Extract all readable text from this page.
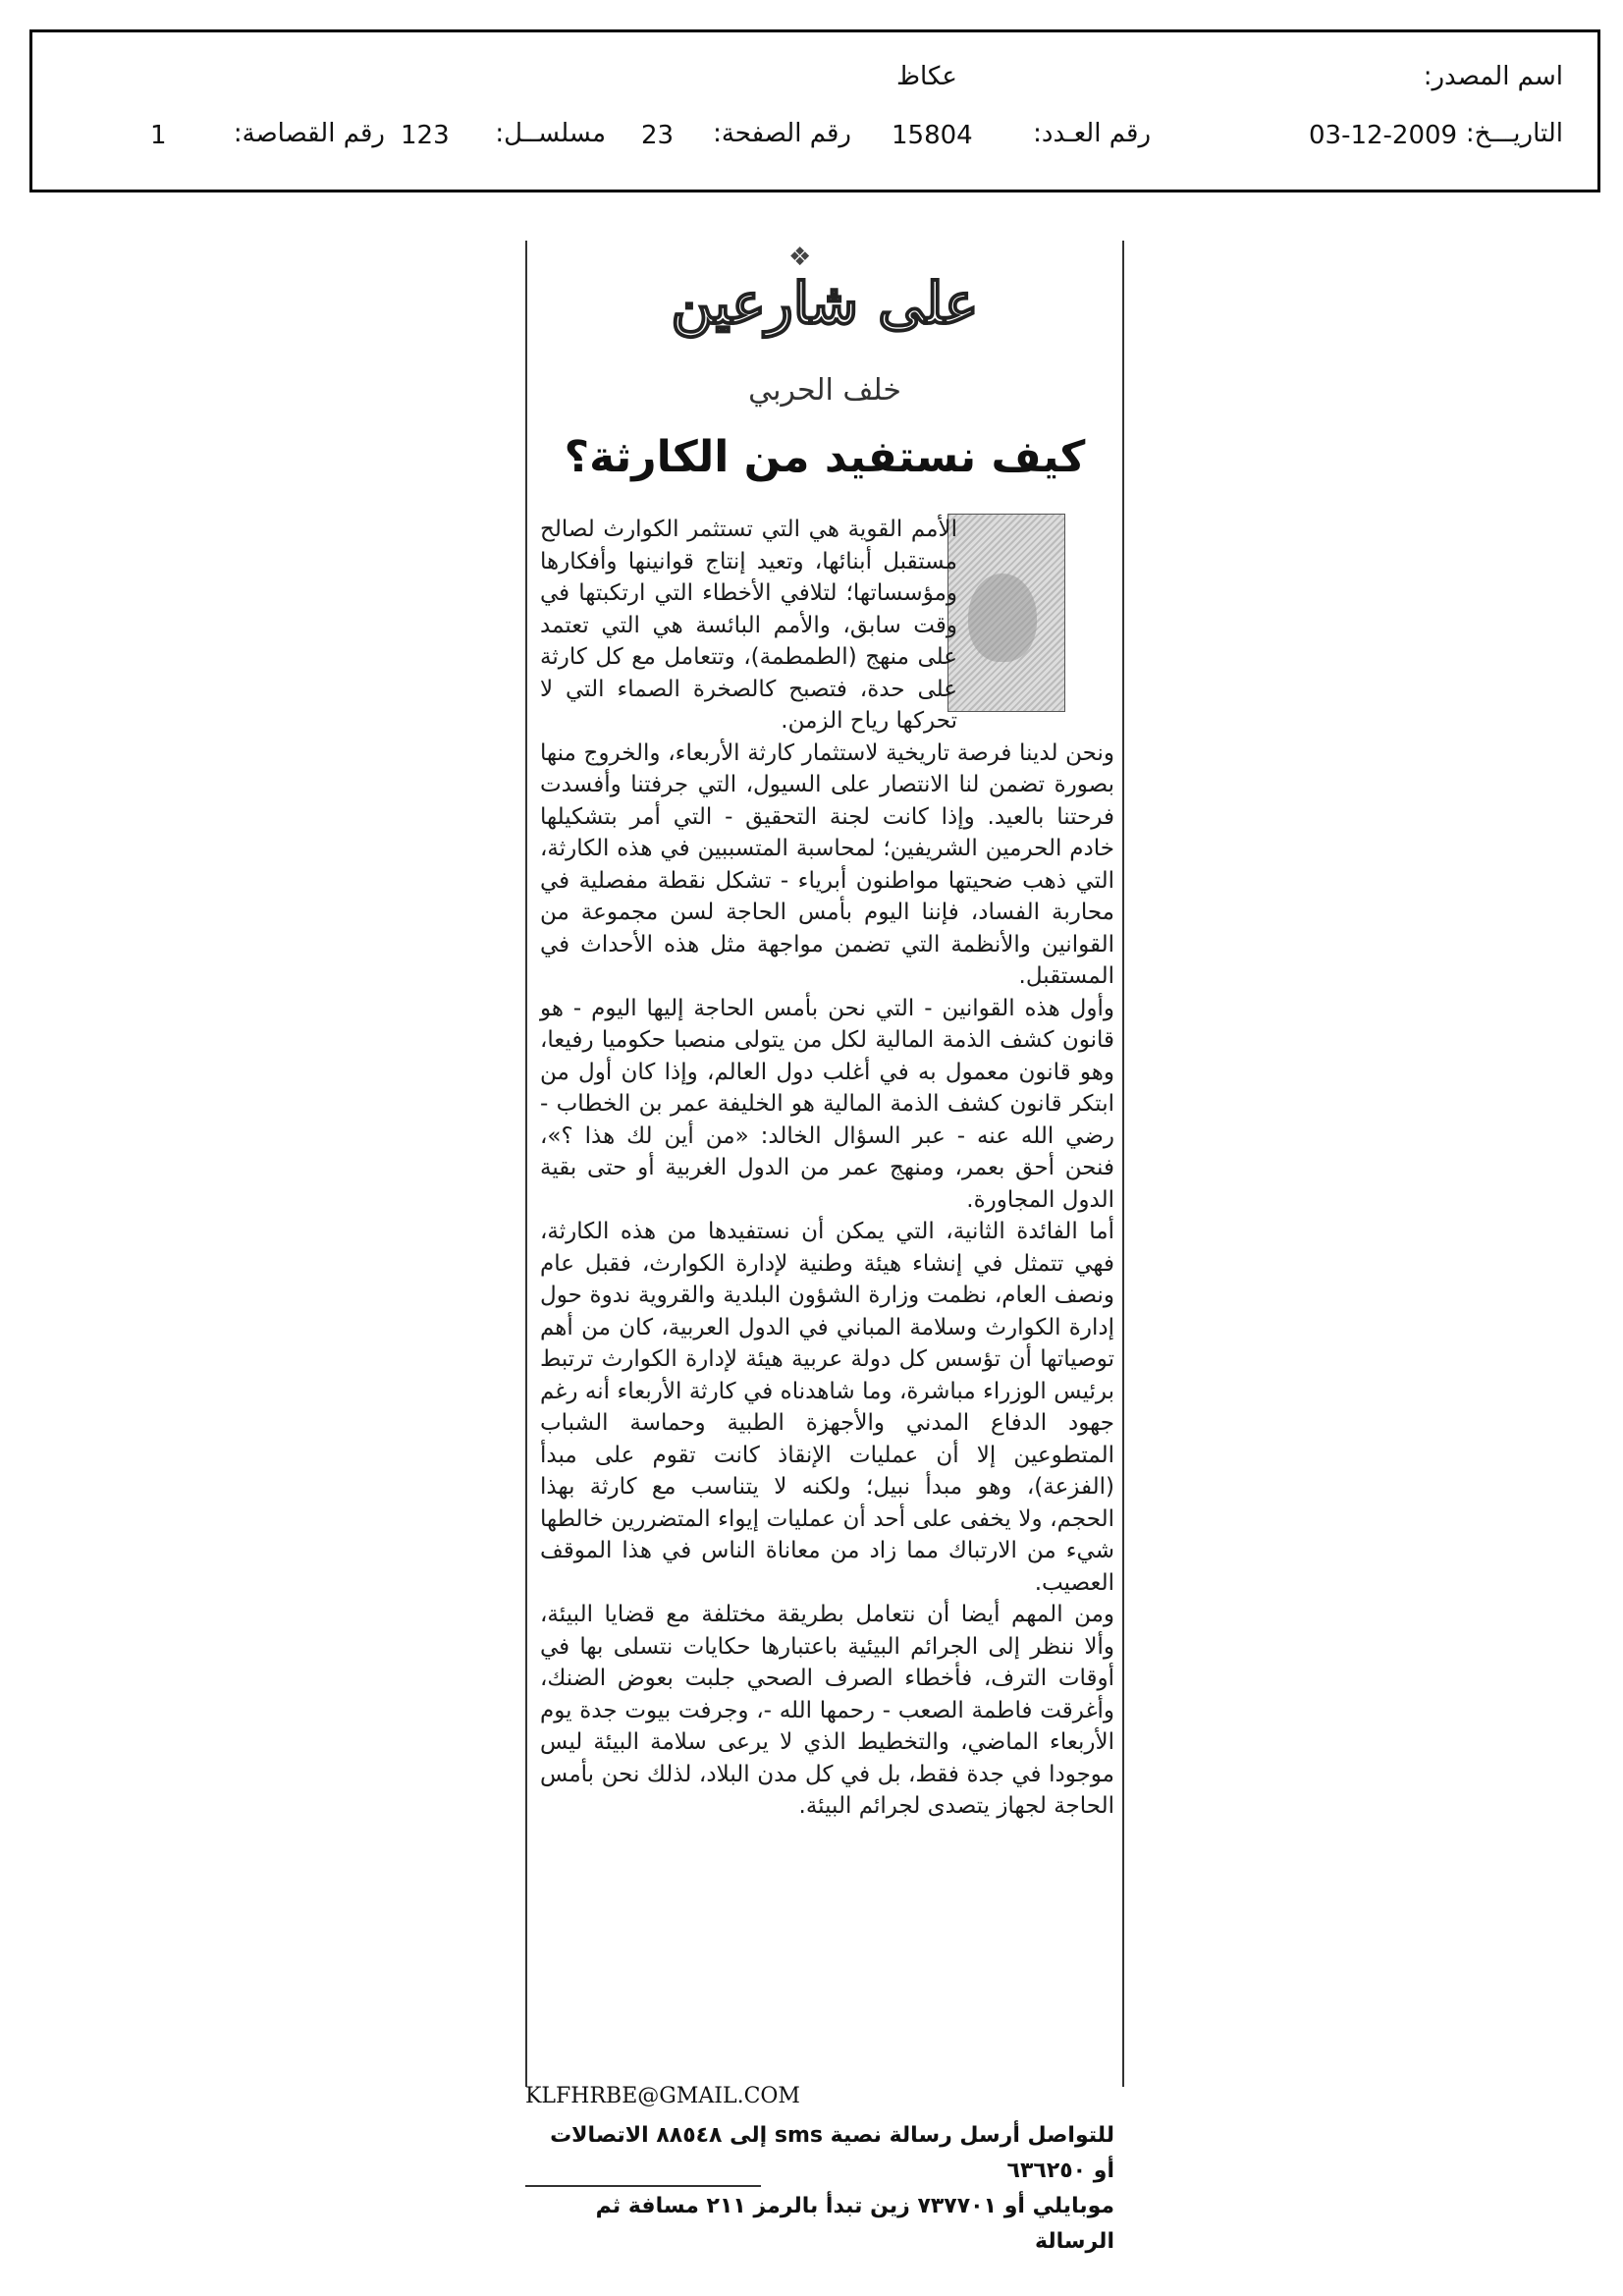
اسم المصدر:
عكاظ
التاريـــخ:
03-12-2009
رقم العـدد:
15804
رقم الصفحة:
23
مسلســل:
123
رقم القصاصة:
1
❖
على شارعين
خلف الحربي
كيف نستفيد من الكارثة؟

الأمم القوية هي التي تستثمر الكوارث لصالح مستقبل أبنائها، وتعيد إنتاج قوانينها وأفكارها ومؤسساتها؛ لتلافي الأخطاء التي ارتكبتها في وقت سابق، والأمم البائسة هي التي تعتمد على منهج (الطمطمة)، وتتعامل مع كل كارثة على حدة، فتصبح كالصخرة الصماء التي لا تحركها رياح الزمن.

ونحن لدينا فرصة تاريخية لاستثمار كارثة الأربعاء، والخروج منها بصورة تضمن لنا الانتصار على السيول، التي جرفتنا وأفسدت فرحتنا بالعيد. وإذا كانت لجنة التحقيق - التي أمر بتشكيلها خادم الحرمين الشريفين؛ لمحاسبة المتسببين في هذه الكارثة، التي ذهب ضحيتها مواطنون أبرياء - تشكل نقطة مفصلية في محاربة الفساد، فإننا اليوم بأمس الحاجة لسن مجموعة من القوانين والأنظمة التي تضمن مواجهة مثل هذه الأحداث في المستقبل.

وأول هذه القوانين - التي نحن بأمس الحاجة إليها اليوم - هو قانون كشف الذمة المالية لكل من يتولى منصبا حكوميا رفيعا، وهو قانون معمول به في أغلب دول العالم، وإذا كان أول من ابتكر قانون كشف الذمة المالية هو الخليفة عمر بن الخطاب - رضي الله عنه - عبر السؤال الخالد: «من أين لك هذا ؟»، فنحن أحق بعمر، ومنهج عمر من الدول الغربية أو حتى بقية الدول المجاورة.

أما الفائدة الثانية، التي يمكن أن نستفيدها من هذه الكارثة، فهي تتمثل في إنشاء هيئة وطنية لإدارة الكوارث، فقبل عام ونصف العام، نظمت وزارة الشؤون البلدية والقروية ندوة حول إدارة الكوارث وسلامة المباني في الدول العربية، كان من أهم توصياتها أن تؤسس كل دولة عربية هيئة لإدارة الكوارث ترتبط برئيس الوزراء مباشرة، وما شاهدناه في كارثة الأربعاء أنه رغم جهود الدفاع المدني والأجهزة الطبية وحماسة الشباب المتطوعين إلا أن عمليات الإنقاذ كانت تقوم على مبدأ (الفزعة)، وهو مبدأ نبيل؛ ولكنه لا يتناسب مع كارثة بهذا الحجم، ولا يخفى على أحد أن عمليات إيواء المتضررين خالطها شيء من الارتباك مما زاد من معاناة الناس في هذا الموقف العصيب.

ومن المهم أيضا أن نتعامل بطريقة مختلفة مع قضايا البيئة، وألا ننظر إلى الجرائم البيئية باعتبارها حكايات نتسلى بها في أوقات الترف، فأخطاء الصرف الصحي جلبت بعوض الضنك، وأغرقت فاطمة الصعب - رحمها الله -، وجرفت بيوت جدة يوم الأربعاء الماضي، والتخطيط الذي لا يرعى سلامة البيئة ليس موجودا في جدة فقط، بل في كل مدن البلاد، لذلك نحن بأمس الحاجة لجهاز يتصدى لجرائم البيئة.

KLFHRBE@GMAIL.COM
للتواصل أرسل رسالة نصية sms إلى ٨٨٥٤٨ الاتصالات أو ٦٣٦٢٥٠
موبايلي أو ٧٣٧٧٠١ زين تبدأ بالرمز ٢١١ مسافة ثم الرسالة
